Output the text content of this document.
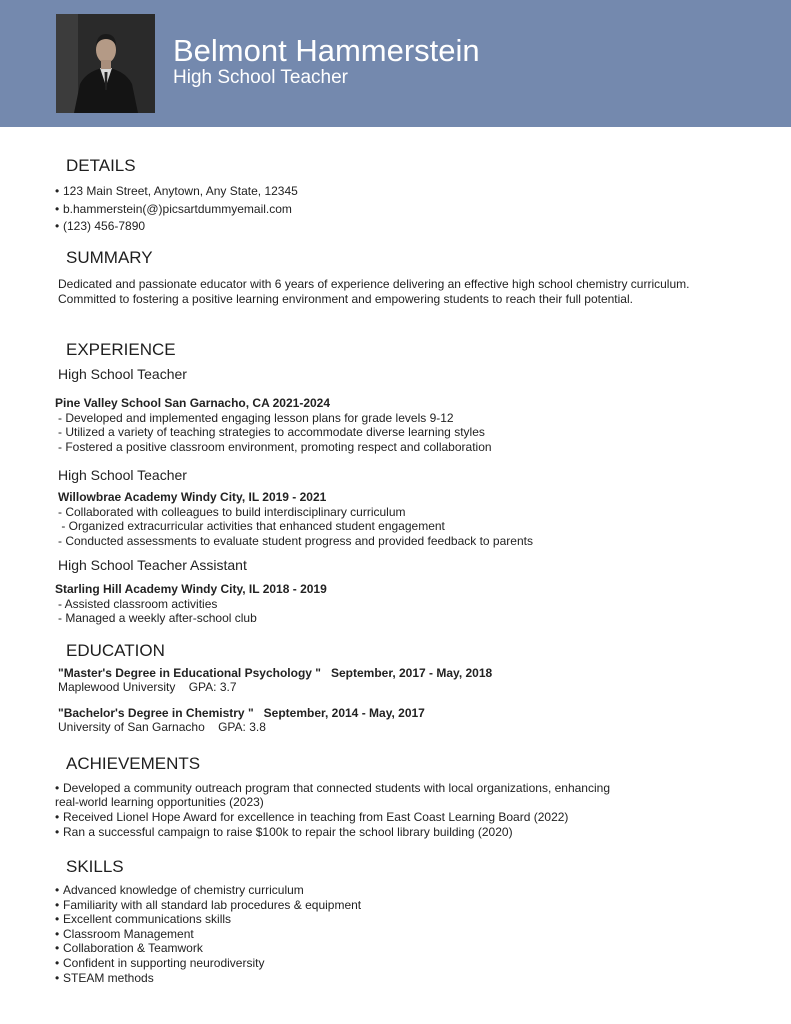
Belmont Hammerstein
High School Teacher
DETAILS
• 123 Main Street, Anytown, Any State, 12345
• b.hammerstein(@)picsartdummyemail.com
• (123) 456-7890
SUMMARY

Dedicated and passionate educator with 6 years of experience delivering an effective high school chemistry curriculum. Committed to fostering a positive learning environment and empowering students to reach their full potential.

EXPERIENCE
High School Teacher
Pine Valley School San Garnacho, CA 2021-2024
- Developed and implemented engaging lesson plans for grade levels 9-12
- Utilized a variety of teaching strategies to accommodate diverse learning styles
- Fostered a positive classroom environment, promoting respect and collaboration
High School Teacher
Willowbrae Academy Windy City, IL 2019 - 2021
- Collaborated with colleagues to build interdisciplinary curriculum
- Organized extracurricular activities that enhanced student engagement
- Conducted assessments to evaluate student progress and provided feedback to parents
High School Teacher Assistant
Starling Hill Academy Windy City, IL 2018 - 2019
- Assisted classroom activities
- Managed a weekly after-school club
EDUCATION
"Master's Degree in Educational Psychology "   September, 2017 - May, 2018
Maplewood University    GPA: 3.7
"Bachelor's Degree in Chemistry "   September, 2014 - May, 2017
University of San Garnacho    GPA: 3.8
ACHIEVEMENTS
• Developed a community outreach program that connected students with local organizations, enhancing
real-world learning opportunities (2023)
• Received Lionel Hope Award for excellence in teaching from East Coast Learning Board (2022)
• Ran a successful campaign to raise $100k to repair the school library building (2020)
SKILLS
• Advanced knowledge of chemistry curriculum
• Familiarity with all standard lab procedures & equipment
• Excellent communications skills
• Classroom Management
• Collaboration & Teamwork
• Confident in supporting neurodiversity
• STEAM methods
